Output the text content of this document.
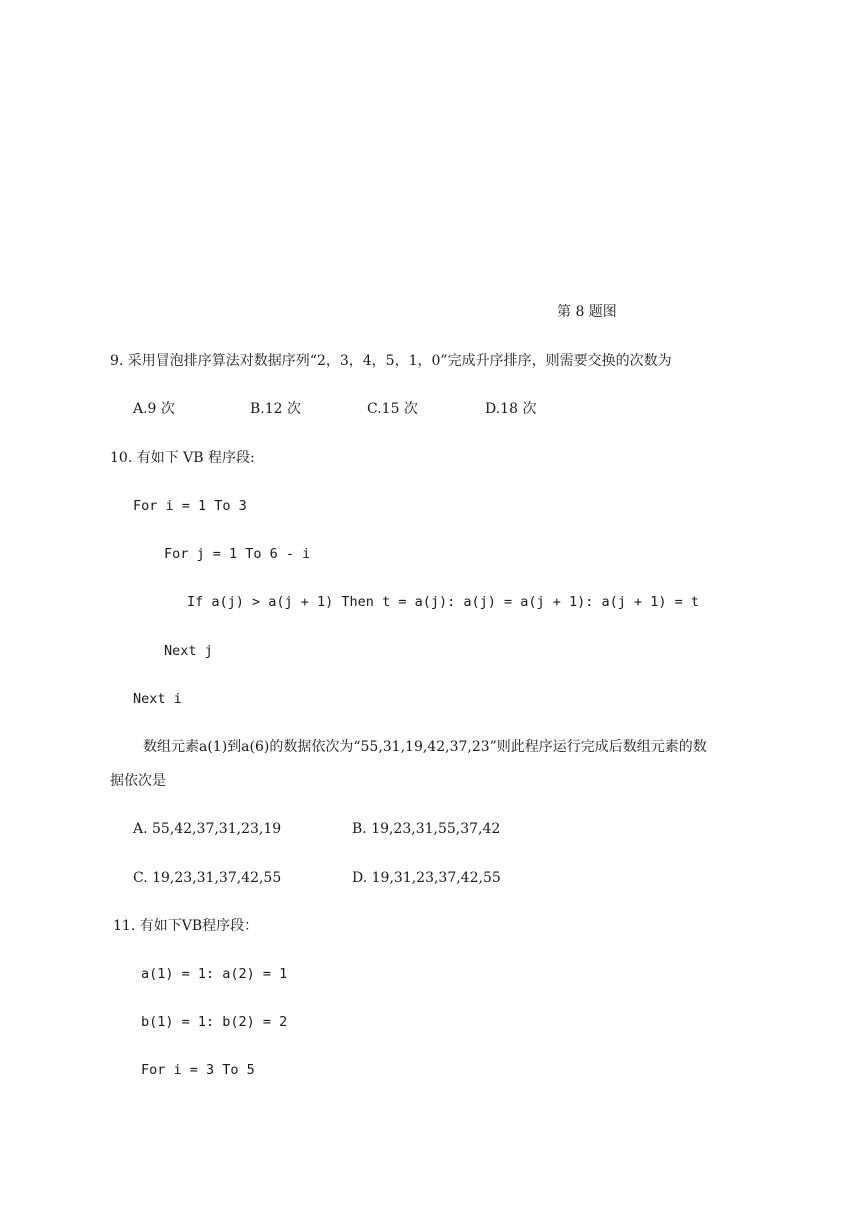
第 8 题图
9. 采用冒泡排序算法对数据序列“2，3，4，5，1，0”完成升序排序，则需要交换的次数为
A.9 次	B.12 次	C.15 次	D.18 次
10. 有如下 VB 程序段:
For i = 1 To 3
For j = 1 To 6 - i
If a(j) > a(j + 1) Then t = a(j): a(j) = a(j + 1): a(j + 1) = t
Next j
Next i
数组元素a(1)到a(6)的数据依次为“55,31,19,42,37,23”则此程序运行完成后数组元素的数
据依次是
A. 55,42,37,31,23,19	B. 19,23,31,55,37,42
C. 19,23,31,37,42,55	D. 19,31,23,37,42,55
11. 有如下VB程序段：
a(1) = 1: a(2) = 1
b(1) = 1: b(2) = 2
For i = 3 To 5
